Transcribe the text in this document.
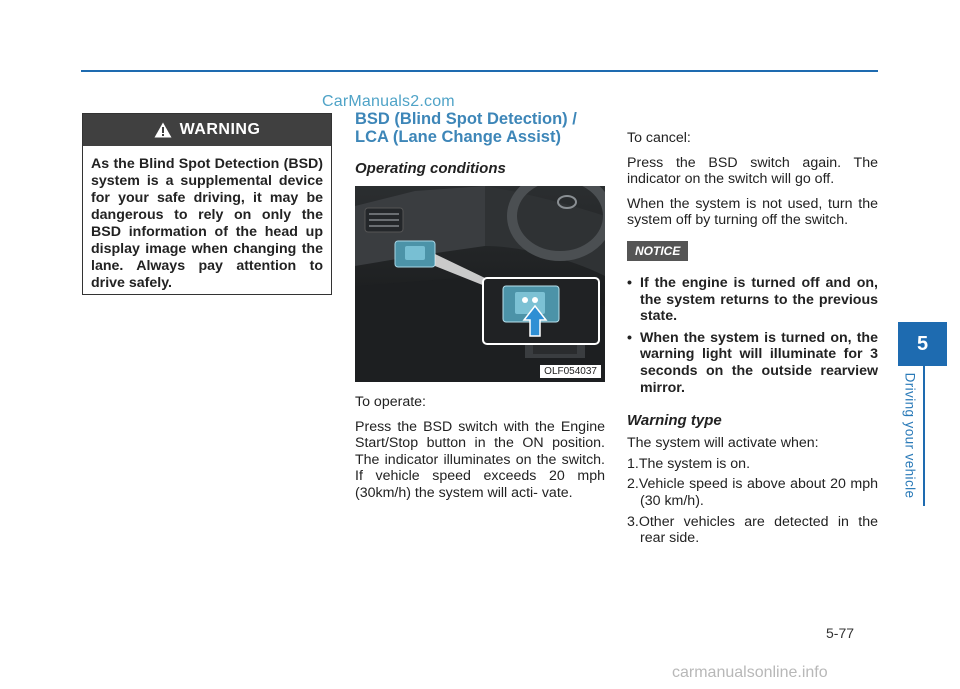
CarManuals2.com
WARNING
As the Blind Spot Detection (BSD) system is a supplemental device for your safe driving, it may be dangerous to rely on only the BSD information of the head up display image when changing the lane. Always pay attention to drive safely.
BSD (Blind Spot Detection) / LCA (Lane Change Assist)

Operating conditions

OLF054037

To operate:

Press the BSD switch with the Engine Start/Stop button in the ON position. The indicator illuminates on the switch. If vehicle speed exceeds 20 mph (30km/h) the system will acti- vate.

To cancel:

Press the BSD switch again. The indicator on the switch will go off.

When the system is not used, turn the system off by turning off the switch.

NOTICE
• If the engine is turned off and on, the system returns to the previous state.
• When the system is turned on, the warning light will illuminate for 3 seconds on the outside rearview mirror.

Warning type

The system will activate when:

1.The system is on.
2.Vehicle speed is above about 20 mph (30 km/h).
3.Other vehicles are detected in the rear side.
5
Driving your vehicle
5-77
carmanualsonline.info
